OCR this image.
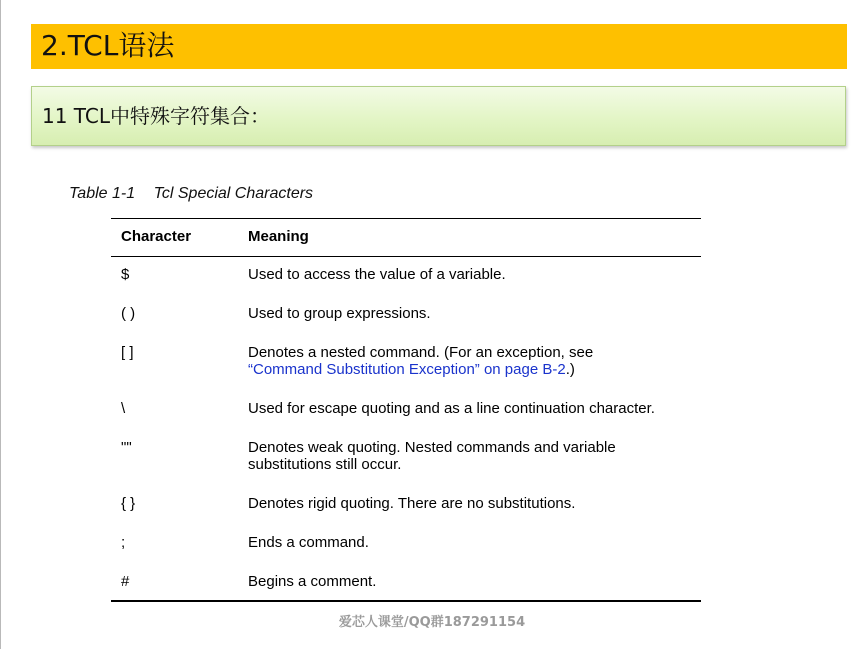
2.TCL语法
11 TCL中特殊字符集合：
Table 1-1 Tcl Special Characters
Character	Meaning
$	Used to access the value of a variable.
( )	Used to group expressions.
[ ]	Denotes a nested command. (For an exception, see
“Command Substitution Exception” on page B-2.)
\	Used for escape quoting and as a line continuation character.
""	Denotes weak quoting. Nested commands and variable
substitutions still occur.
{ }	Denotes rigid quoting. There are no substitutions.
;	Ends a command.
#	Begins a comment.
爱芯人课堂/QQ群187291154
